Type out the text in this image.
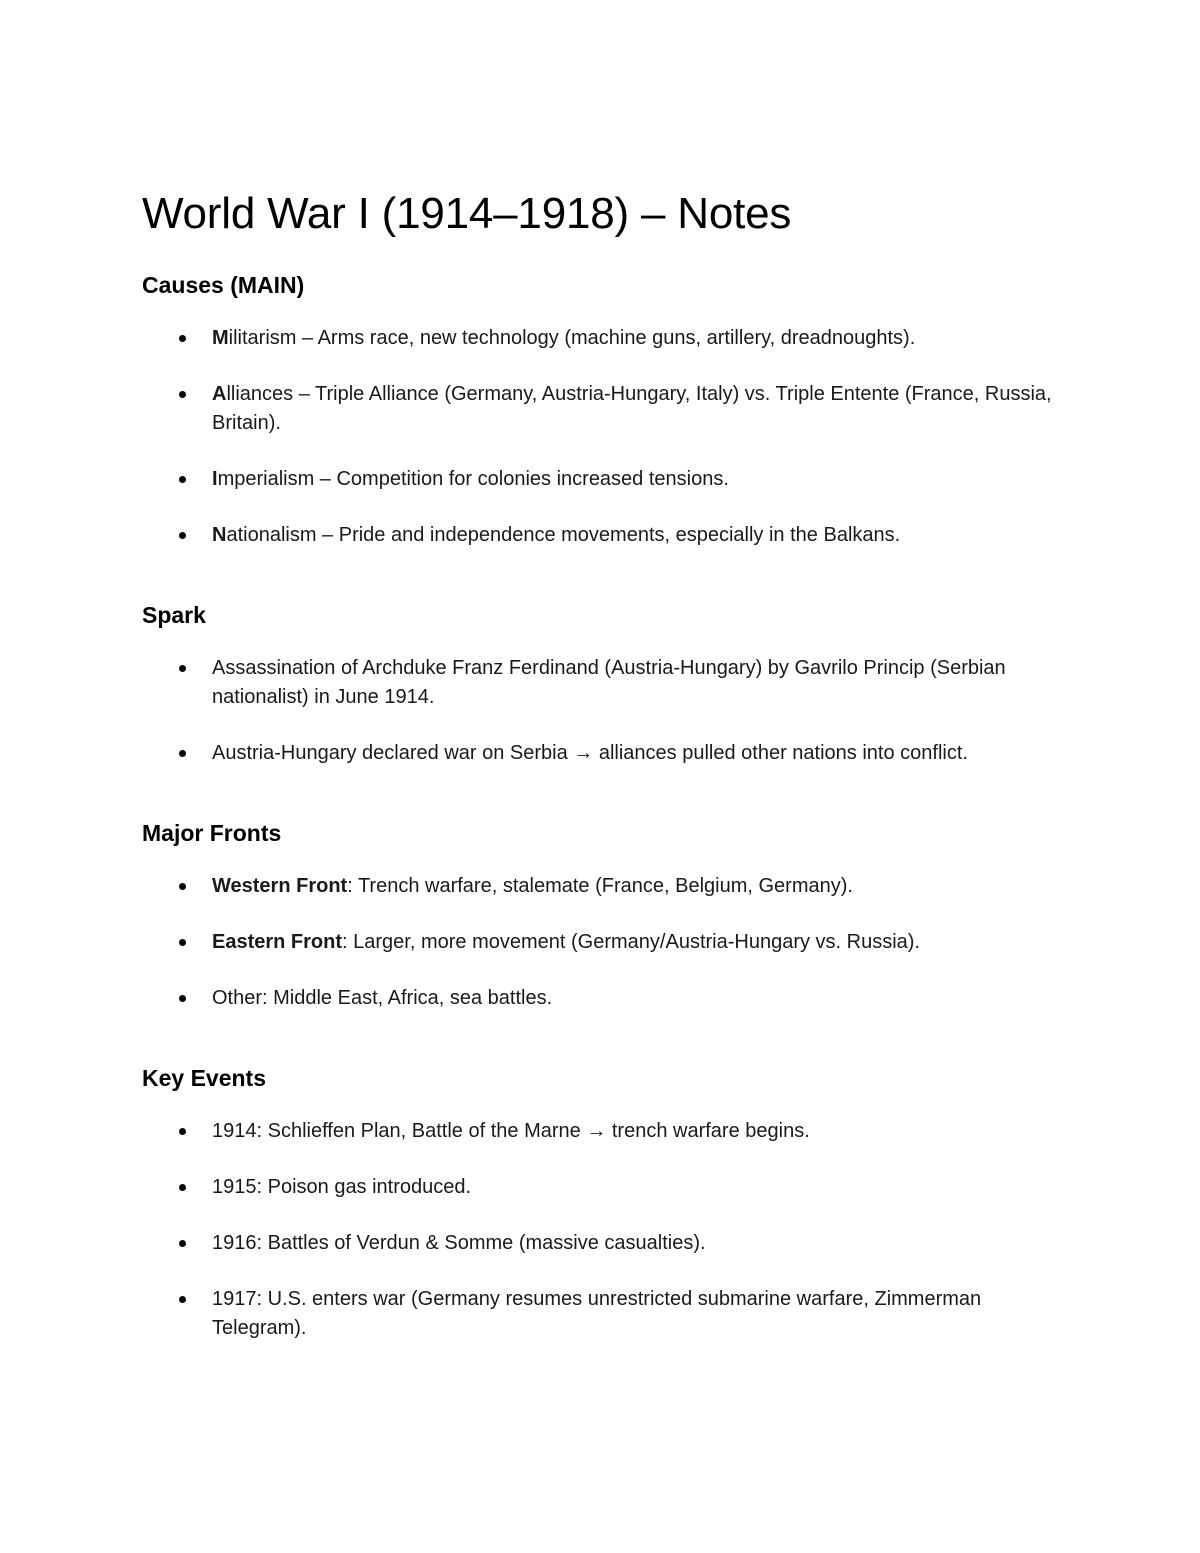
World War I (1914–1918) – Notes
Causes (MAIN)
Militarism – Arms race, new technology (machine guns, artillery, dreadnoughts).
Alliances – Triple Alliance (Germany, Austria-Hungary, Italy) vs. Triple Entente (France, Russia, Britain).
Imperialism – Competition for colonies increased tensions.
Nationalism – Pride and independence movements, especially in the Balkans.
Spark
Assassination of Archduke Franz Ferdinand (Austria-Hungary) by Gavrilo Princip (Serbian nationalist) in June 1914.
Austria-Hungary declared war on Serbia → alliances pulled other nations into conflict.
Major Fronts
Western Front: Trench warfare, stalemate (France, Belgium, Germany).
Eastern Front: Larger, more movement (Germany/Austria-Hungary vs. Russia).
Other: Middle East, Africa, sea battles.
Key Events
1914: Schlieffen Plan, Battle of the Marne → trench warfare begins.
1915: Poison gas introduced.
1916: Battles of Verdun & Somme (massive casualties).
1917: U.S. enters war (Germany resumes unrestricted submarine warfare, Zimmerman Telegram).
